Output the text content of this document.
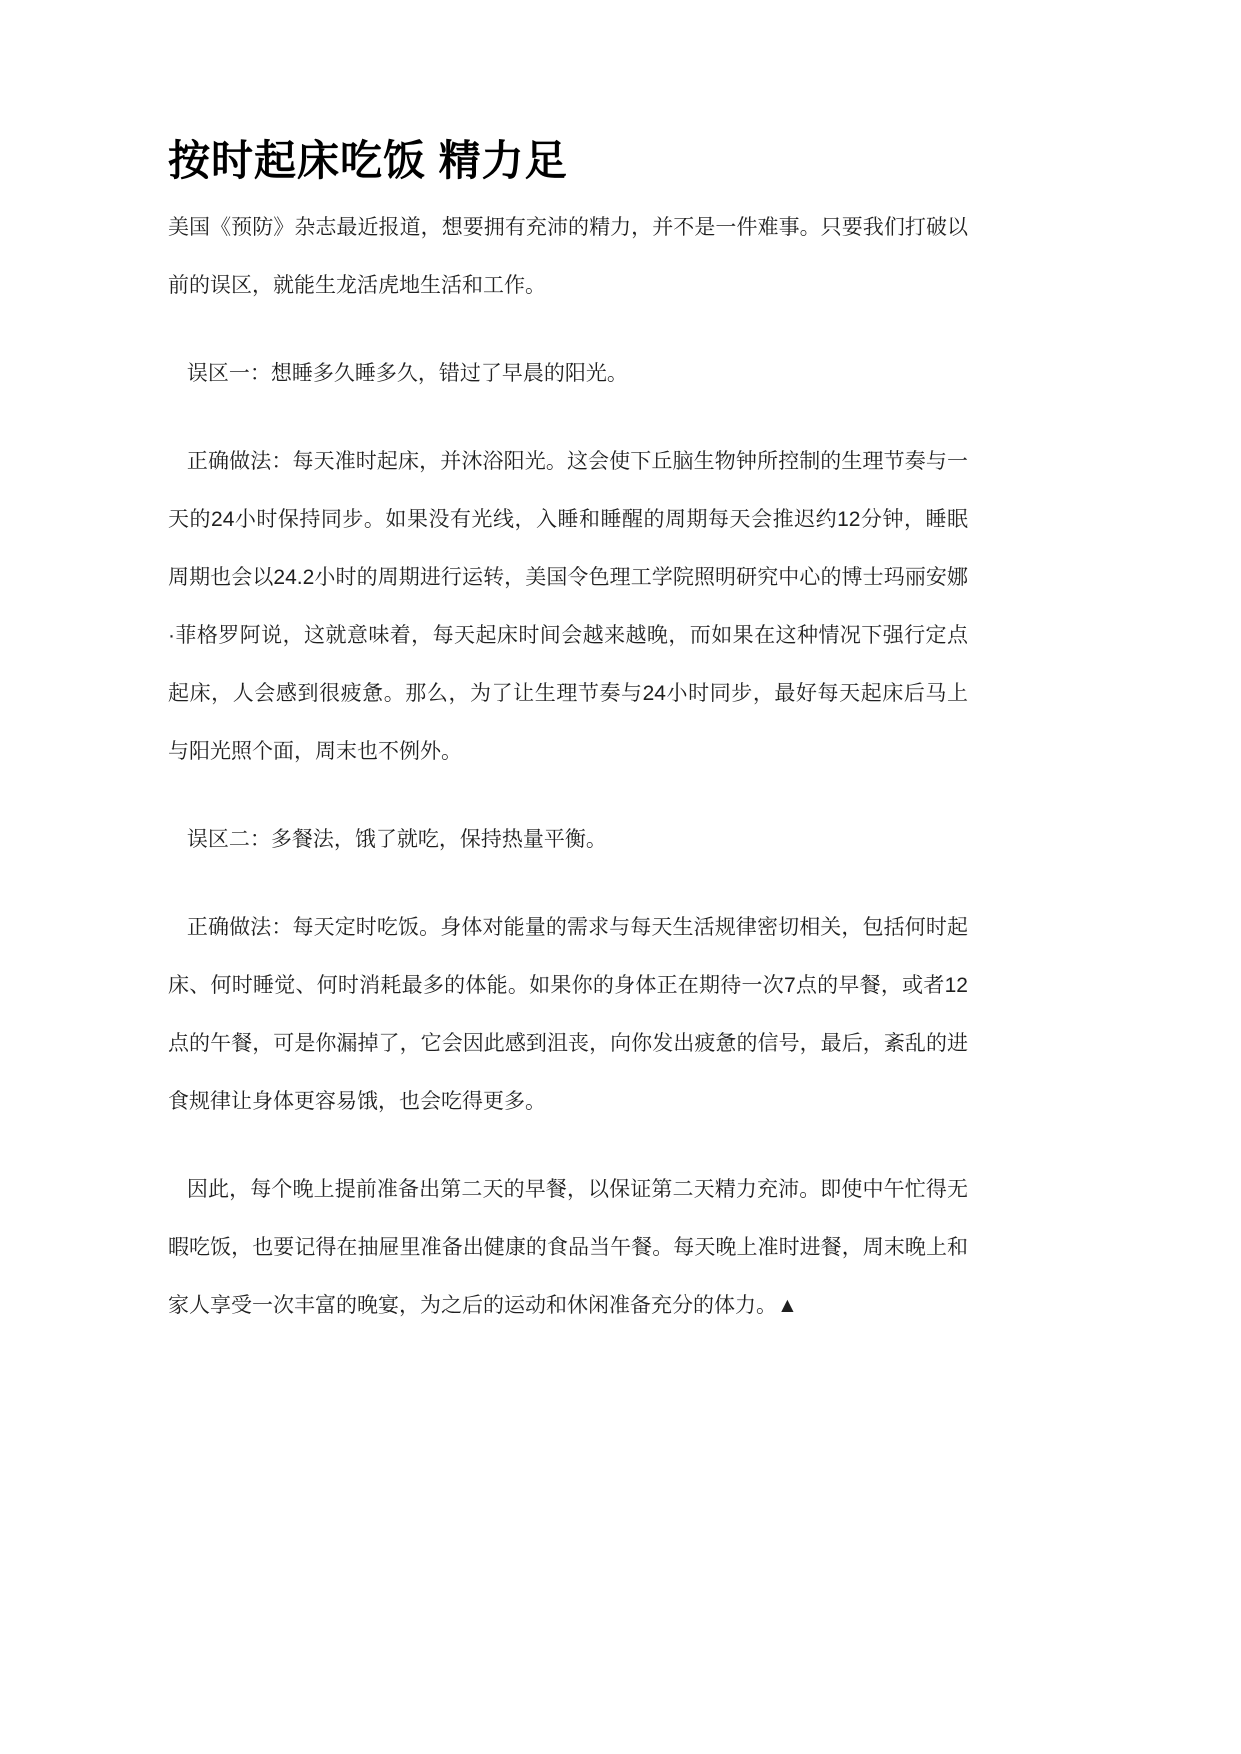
按时起床吃饭 精力足

美国《预防》杂志最近报道，想要拥有充沛的精力，并不是一件难事。只要我们打破以前的误区，就能生龙活虎地生活和工作。

误区一：想睡多久睡多久，错过了早晨的阳光。

正确做法：每天准时起床，并沐浴阳光。这会使下丘脑生物钟所控制的生理节奏与一天的24小时保持同步。如果没有光线，入睡和睡醒的周期每天会推迟约12分钟，睡眠周期也会以24.2小时的周期进行运转，美国令色理工学院照明研究中心的博士玛丽安娜·菲格罗阿说，这就意味着，每天起床时间会越来越晚，而如果在这种情况下强行定点起床，人会感到很疲惫。那么，为了让生理节奏与24小时同步，最好每天起床后马上与阳光照个面，周末也不例外。

误区二：多餐法，饿了就吃，保持热量平衡。

正确做法：每天定时吃饭。身体对能量的需求与每天生活规律密切相关，包括何时起床、何时睡觉、何时消耗最多的体能。如果你的身体正在期待一次7点的早餐，或者12点的午餐，可是你漏掉了，它会因此感到沮丧，向你发出疲惫的信号，最后，紊乱的进食规律让身体更容易饿，也会吃得更多。

因此，每个晚上提前准备出第二天的早餐，以保证第二天精力充沛。即使中午忙得无暇吃饭，也要记得在抽屉里准备出健康的食品当午餐。每天晚上准时进餐，周末晚上和家人享受一次丰富的晚宴，为之后的运动和休闲准备充分的体力。▲
